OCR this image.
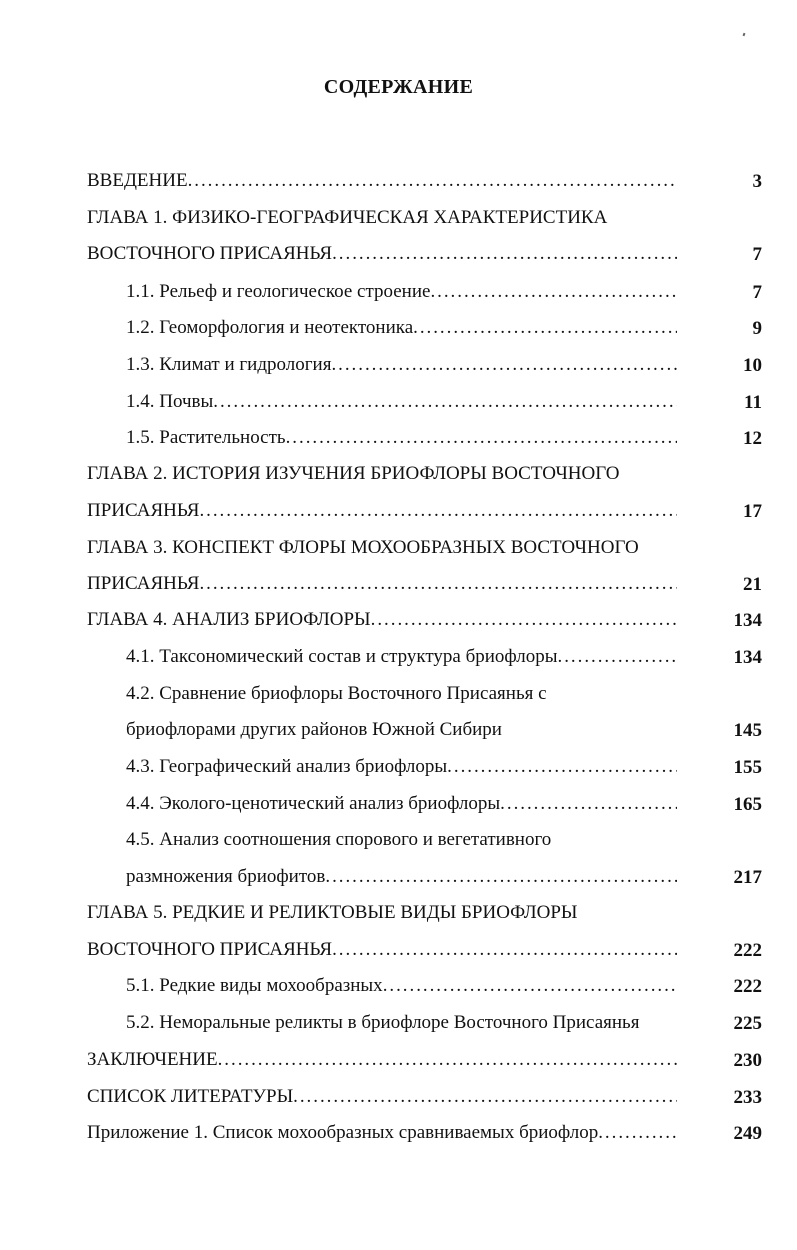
СОДЕРЖАНИЕ
ВВЕДЕНИЕ . . .	3
ГЛАВА 1. ФИЗИКО-ГЕОГРАФИЧЕСКАЯ ХАРАКТЕРИСТИКА
ВОСТОЧНОГО ПРИСАЯНЬЯ . . .	7
1.1. Рельеф и геологическое строение . . .	7
1.2. Геоморфология и неотектоника . . .	9
1.3. Климат и гидрология . . .	10
1.4. Почвы . . .	11
1.5. Растительность . . .	12
ГЛАВА 2. ИСТОРИЯ ИЗУЧЕНИЯ БРИОФЛОРЫ ВОСТОЧНОГО
ПРИСАЯНЬЯ . . .	17
ГЛАВА 3. КОНСПЕКТ ФЛОРЫ МОХООБРАЗНЫХ ВОСТОЧНОГО
ПРИСАЯНЬЯ . . .	21
ГЛАВА 4. АНАЛИЗ БРИОФЛОРЫ . . .	134
4.1. Таксономический состав и структура бриофлоры . . .	134
4.2. Сравнение бриофлоры Восточного Присаянья с
бриофлорами других районов Южной Сибири	145
4.3. Географический анализ бриофлоры . . .	155
4.4. Эколого-ценотический анализ бриофлоры . . .	165
4.5. Анализ соотношения спорового и вегетативного
размножения бриофитов . . .	217
ГЛАВА 5. РЕДКИЕ И РЕЛИКТОВЫЕ ВИДЫ БРИОФЛОРЫ
ВОСТОЧНОГО ПРИСАЯНЬЯ . . .	222
5.1. Редкие виды мохообразных . . .	222
5.2. Неморальные реликты в бриофлоре Восточного Присаянья	225
ЗАКЛЮЧЕНИЕ . . .	230
СПИСОК ЛИТЕРАТУРЫ . . .	233
Приложение 1. Список мохообразных сравниваемых бриофлор . . .	249
